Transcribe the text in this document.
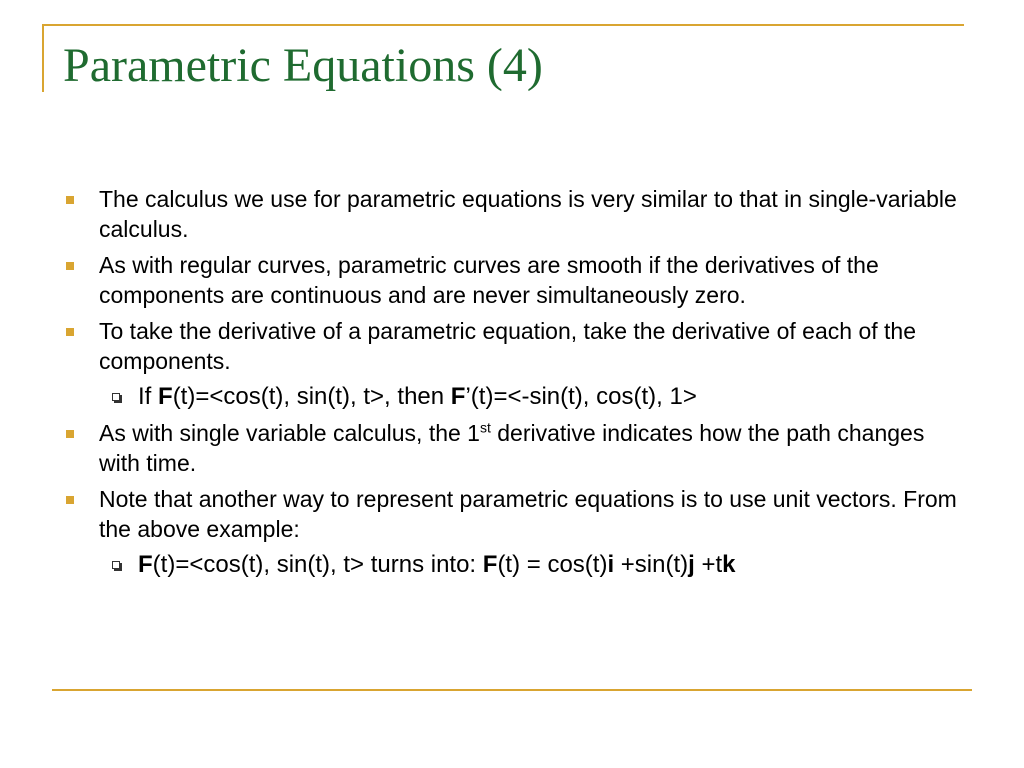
Parametric Equations (4)
The calculus we use for parametric equations is very similar to that in single-variable calculus.
As with regular curves, parametric curves are smooth if the derivatives of the components are continuous and are never simultaneously zero.
To take the derivative of a parametric equation, take the derivative of each of the components.
If F(t)=<cos(t), sin(t), t>, then F’(t)=<-sin(t), cos(t), 1>
As with single variable calculus, the 1st derivative indicates how the path changes with time.
Note that another way to represent parametric equations is to use unit vectors. From the above example:
F(t)=<cos(t), sin(t), t> turns into: F(t) = cos(t)i +sin(t)j +tk
